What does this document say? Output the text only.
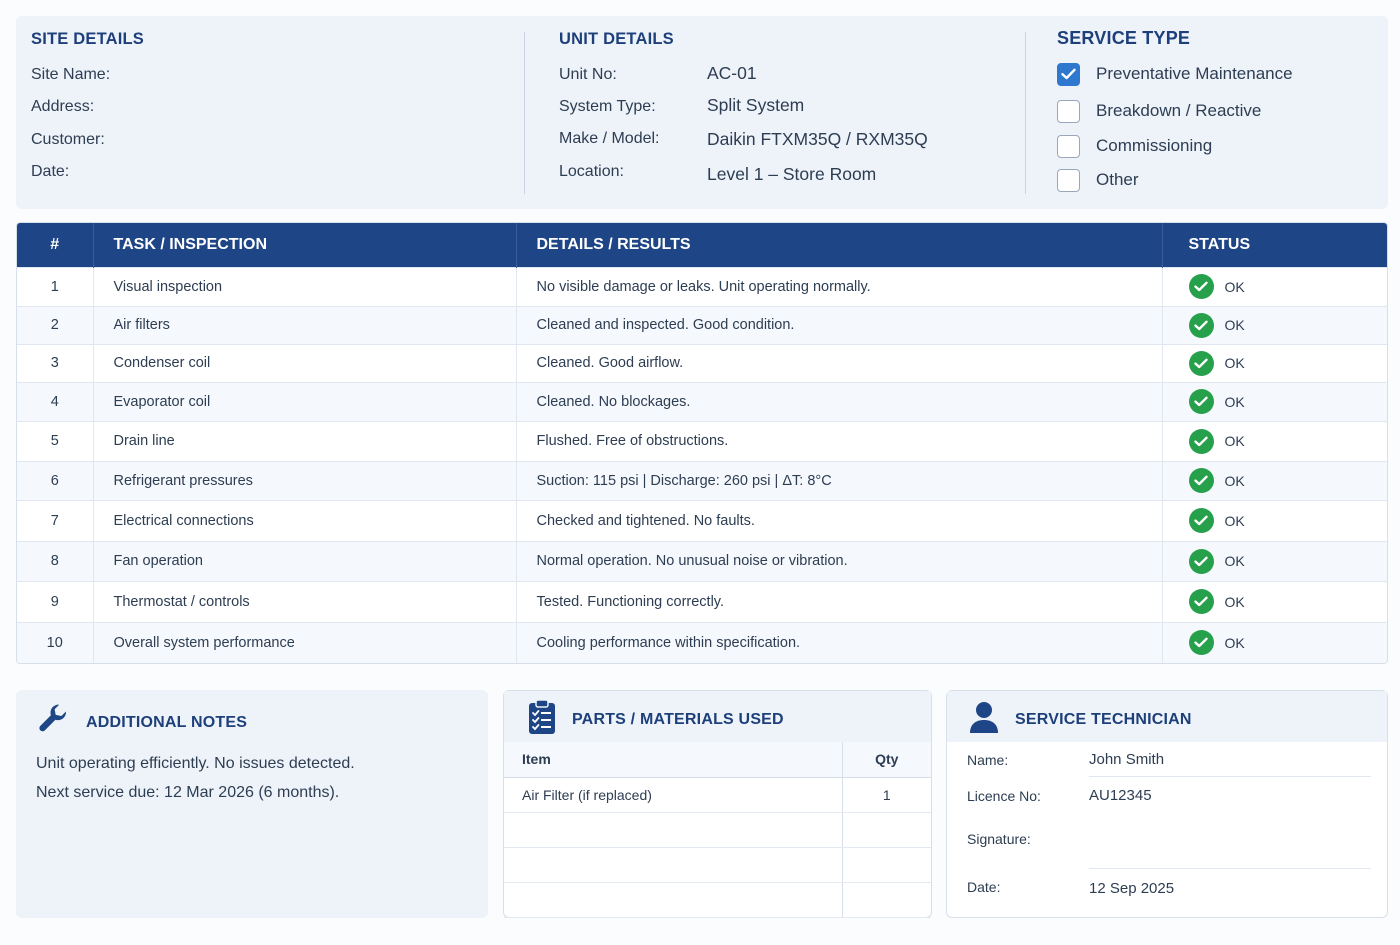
SITE DETAILS
Site Name:
Address:
Customer:
Date:
UNIT DETAILS
Unit No:	AC-01
System Type:	Split System
Make / Model:	Daikin FTXM35Q / RXM35Q
Location:	Level 1 – Store Room
SERVICE TYPE
Preventative Maintenance
Breakdown / Reactive
Commissioning
Other
#	TASK / INSPECTION	DETAILS / RESULTS	STATUS
1	Visual inspection	No visible damage or leaks. Unit operating normally.	OK

2	Air filters	Cleaned and inspected. Good condition.	OK

3	Condenser coil	Cleaned. Good airflow.	OK

4	Evaporator coil	Cleaned. No blockages.	OK

5	Drain line	Flushed. Free of obstructions.	OK

6	Refrigerant pressures	Suction: 115 psi | Discharge: 260 psi | ΔT: 8°C	OK

7	Electrical connections	Checked and tightened. No faults.	OK

8	Fan operation	Normal operation. No unusual noise or vibration.	OK

9	Thermostat / controls	Tested. Functioning correctly.	OK

10	Overall system performance	Cooling performance within specification.	OK
ADDITIONAL NOTES
Unit operating efficiently. No issues detected.
Next service due: 12 Mar 2026 (6 months).
PARTS / MATERIALS USED
Item	Qty
Air Filter (if replaced)	1

SERVICE TECHNICIAN
Name:	John Smith
Licence No:	AU12345
Signature:
Date:	12 Sep 2025
